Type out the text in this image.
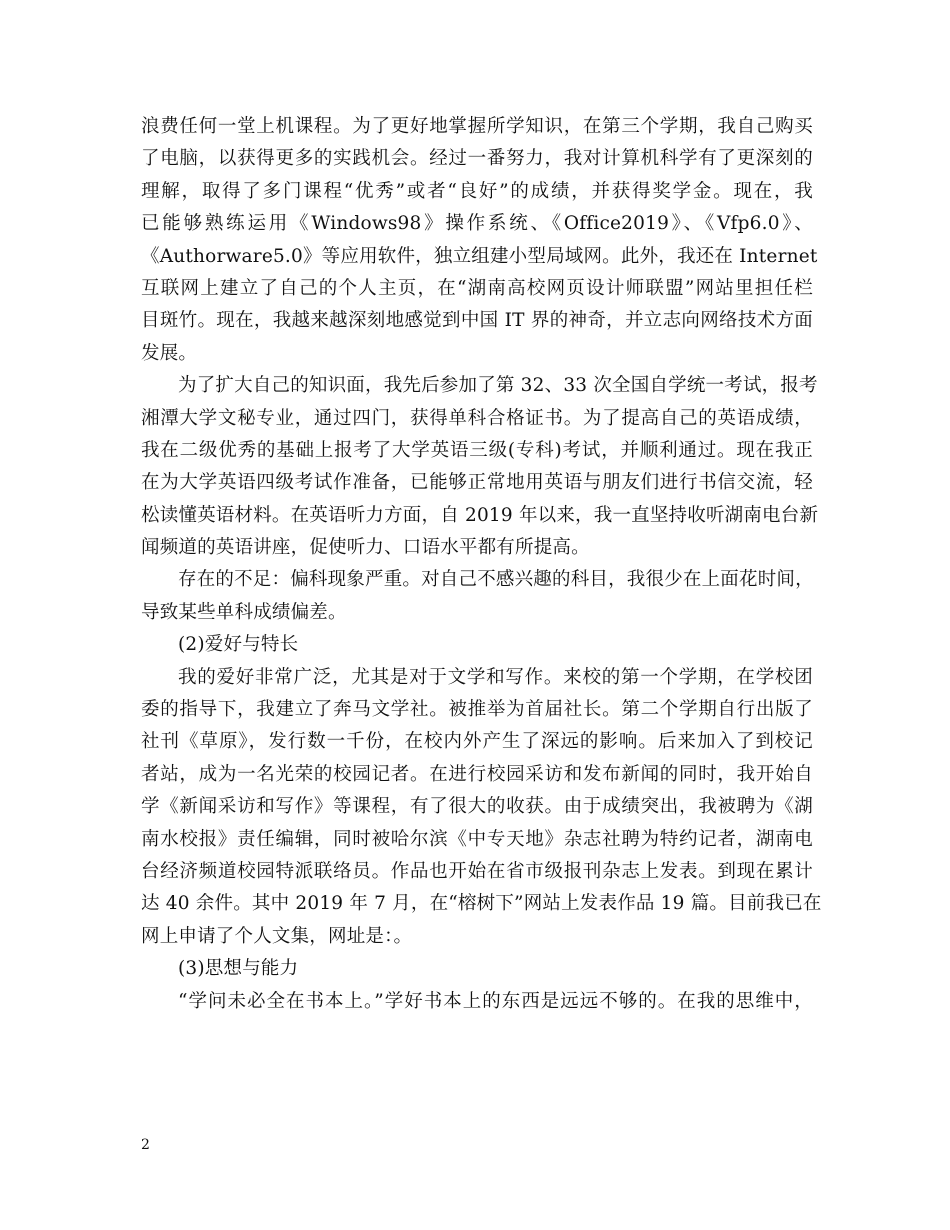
浪费任何一堂上机课程。为了更好地掌握所学知识，在第三个学期，我自己购买
了电脑，以获得更多的实践机会。经过一番努力，我对计算机科学有了更深刻的
理解，取得了多门课程“优秀”或者“良好”的成绩，并获得奖学金。现在，我
已能够熟练运用《Windows98》操作系统、《Office2019》、《Vfp6.0》、
《Authorware5.0》等应用软件，独立组建小型局域网。此外，我还在 Internet
互联网上建立了自己的个人主页，在“湖南高校网页设计师联盟”网站里担任栏
目斑竹。现在，我越来越深刻地感觉到中国 IT 界的神奇，并立志向网络技术方面
发展。
为了扩大自己的知识面，我先后参加了第 32、33 次全国自学统一考试，报考
湘潭大学文秘专业，通过四门，获得单科合格证书。为了提高自己的英语成绩，
我在二级优秀的基础上报考了大学英语三级(专科)考试，并顺利通过。现在我正
在为大学英语四级考试作准备，已能够正常地用英语与朋友们进行书信交流，轻
松读懂英语材料。在英语听力方面，自 2019 年以来，我一直坚持收听湖南电台新
闻频道的英语讲座，促使听力、口语水平都有所提高。
存在的不足：偏科现象严重。对自己不感兴趣的科目，我很少在上面花时间，
导致某些单科成绩偏差。
(2)爱好与特长
我的爱好非常广泛，尤其是对于文学和写作。来校的第一个学期，在学校团
委的指导下，我建立了奔马文学社。被推举为首届社长。第二个学期自行出版了
社刊《草原》，发行数一千份，在校内外产生了深远的影响。后来加入了到校记
者站，成为一名光荣的校园记者。在进行校园采访和发布新闻的同时，我开始自
学《新闻采访和写作》等课程，有了很大的收获。由于成绩突出，我被聘为《湖
南水校报》责任编辑，同时被哈尔滨《中专天地》杂志社聘为特约记者，湖南电
台经济频道校园特派联络员。作品也开始在省市级报刊杂志上发表。到现在累计
达 40 余件。其中 2019 年 7 月，在“榕树下”网站上发表作品 19 篇。目前我已在
网上申请了个人文集，网址是：。
(3)思想与能力
“学问未必全在书本上。”学好书本上的东西是远远不够的。在我的思维中，
2
